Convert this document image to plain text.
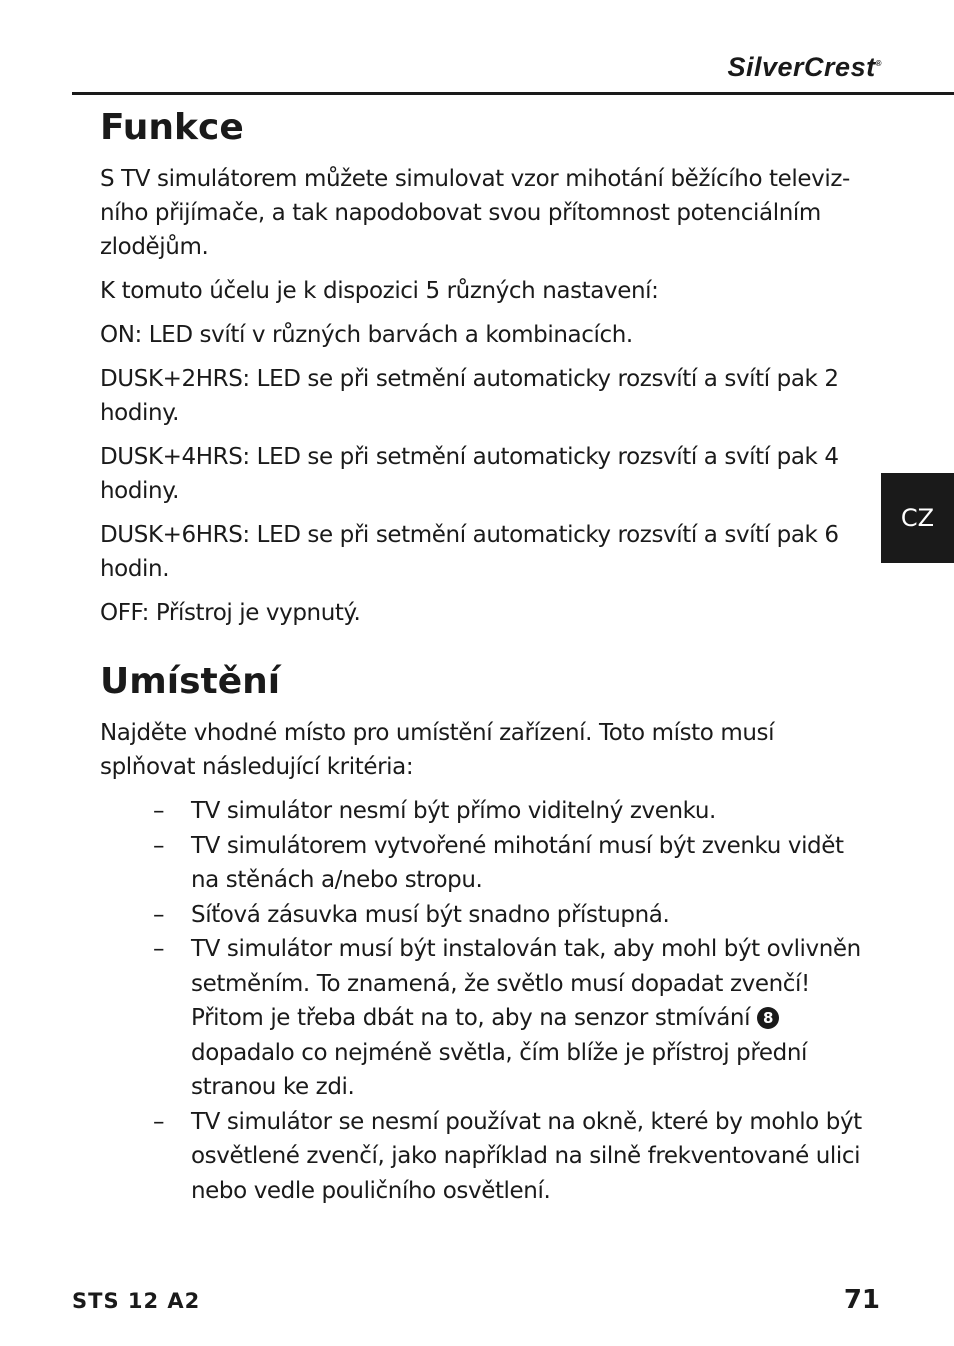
SilverCrest®
CZ
Funkce

S TV simulátorem můžete simulovat vzor mihotání běžícího televiz-ního přijímače, a tak napodobovat svou přítomnost potenciálním zlodějům.

K tomuto účelu je k dispozici 5 různých nastavení:

ON: LED svítí v různých barvách a kombinacích.

DUSK+2HRS: LED se při setmění automaticky rozsvítí a svítí pak 2 hodiny.

DUSK+4HRS: LED se při setmění automaticky rozsvítí a svítí pak 4 hodiny.

DUSK+6HRS: LED se při setmění automaticky rozsvítí a svítí pak 6 hodin.

OFF: Přístroj je vypnutý.

Umístění

Najděte vhodné místo pro umístění zařízení. Toto místo musí splňovat následující kritéria:

– TV simulátor nesmí být přímo viditelný zvenku.
– TV simulátorem vytvořené mihotání musí být zvenku vidět na stěnách a/nebo stropu.
– Síťová zásuvka musí být snadno přístupná.
– TV simulátor musí být instalován tak, aby mohl být ovlivněn setměním. To znamená, že světlo musí dopadat zvenčí! Přitom je třeba dbát na to, aby na senzor stmívání 8 dopadalo co nejméně světla, čím blíže je přístroj přední stranou ke zdi.
– TV simulátor se nesmí používat na okně, které by mohlo být osvětlené zvenčí, jako například na silně frekventované ulici nebo vedle pouličního osvětlení.
STS 12 A2	71
